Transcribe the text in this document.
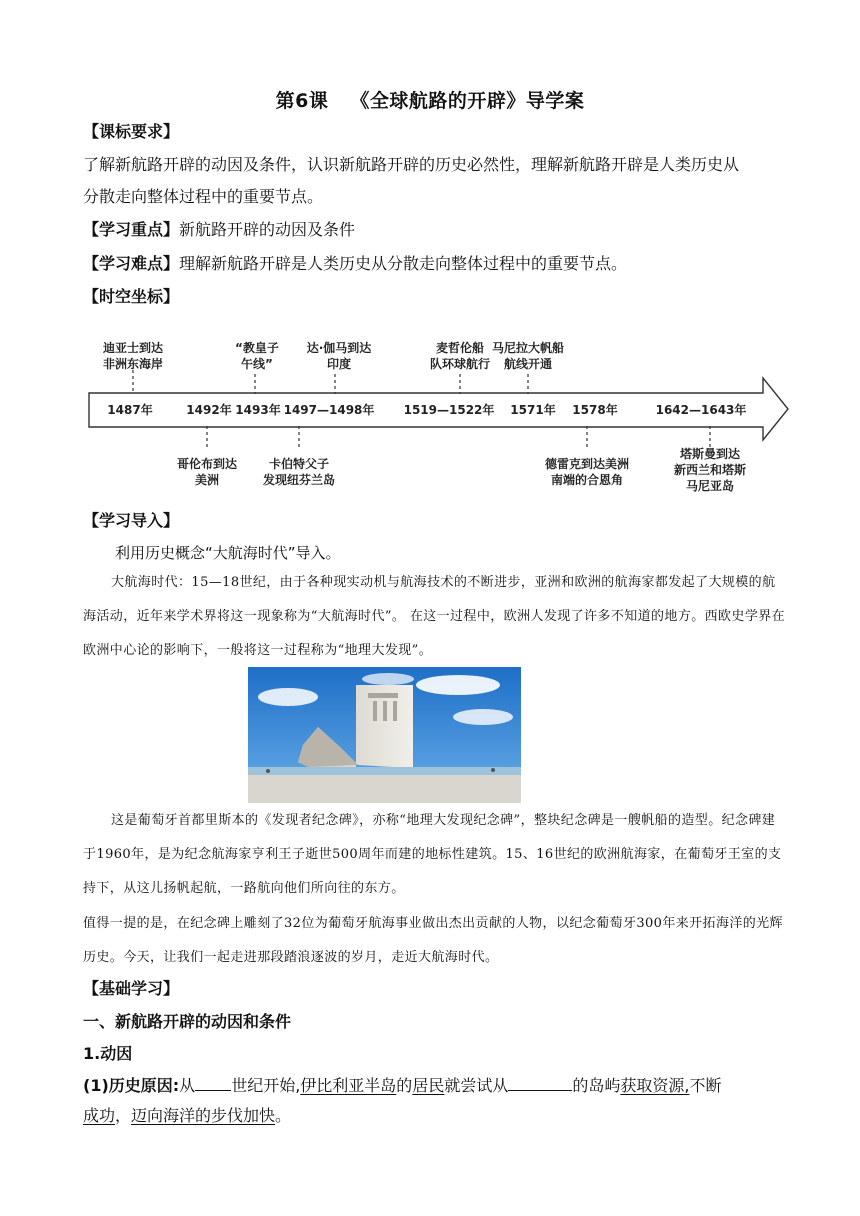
第6课 《全球航路的开辟》导学案
【课标要求】
了解新航路开辟的动因及条件，认识新航路开辟的历史必然性，理解新航路开辟是人类历史从
分散走向整体过程中的重要节点。
【学习重点】新航路开辟的动因及条件
【学习难点】理解新航路开辟是人类历史从分散走向整体过程中的重要节点。
【时空坐标】
迪亚士到达
非洲东海岸
“教皇子
午线”
达·伽马到达
印度
麦哲伦船
队环球航行
马尼拉大帆船
航线开通
1487年	1492年 1493年 1497—1498年 1519—1522年 1571年 1578年	1642—1643年
哥伦布到达
美洲
卡伯特父子
发现纽芬兰岛
德雷克到达美洲
南端的合恩角
塔斯曼到达
新西兰和塔斯
马尼亚岛
【学习导入】
利用历史概念“大航海时代”导入。
大航海时代：15—18世纪，由于各种现实动机与航海技术的不断进步，亚洲和欧洲的航海家都发起了大规模的航海活动，近年来学术界将这一现象称为“大航海时代”。 在这一过程中，欧洲人发现了许多不知道的地方。西欧史学界在欧洲中心论的影响下，一般将这一过程称为“地理大发现”。
这是葡萄牙首都里斯本的《发现者纪念碑》，亦称“地理大发现纪念碑”，整块纪念碑是一艘帆船的造型。纪念碑建于1960年，是为纪念航海家亨利王子逝世500周年而建的地标性建筑。15、16世纪的欧洲航海家，在葡萄牙王室的支持下，从这儿扬帆起航，一路航向他们所向往的东方。
值得一提的是，在纪念碑上雕刻了32位为葡萄牙航海事业做出杰出贡献的人物，以纪念葡萄牙300年来开拓海洋的光辉历史。今天，让我们一起走进那段踏浪逐波的岁月，走近大航海时代。
【基础学习】
一、新航路开辟的动因和条件
1.动因
(1)历史原因:从 世纪开始,伊比利亚半岛的居民就尝试从	的岛屿获取资源,不断
成功，迈向海洋的步伐加快。
